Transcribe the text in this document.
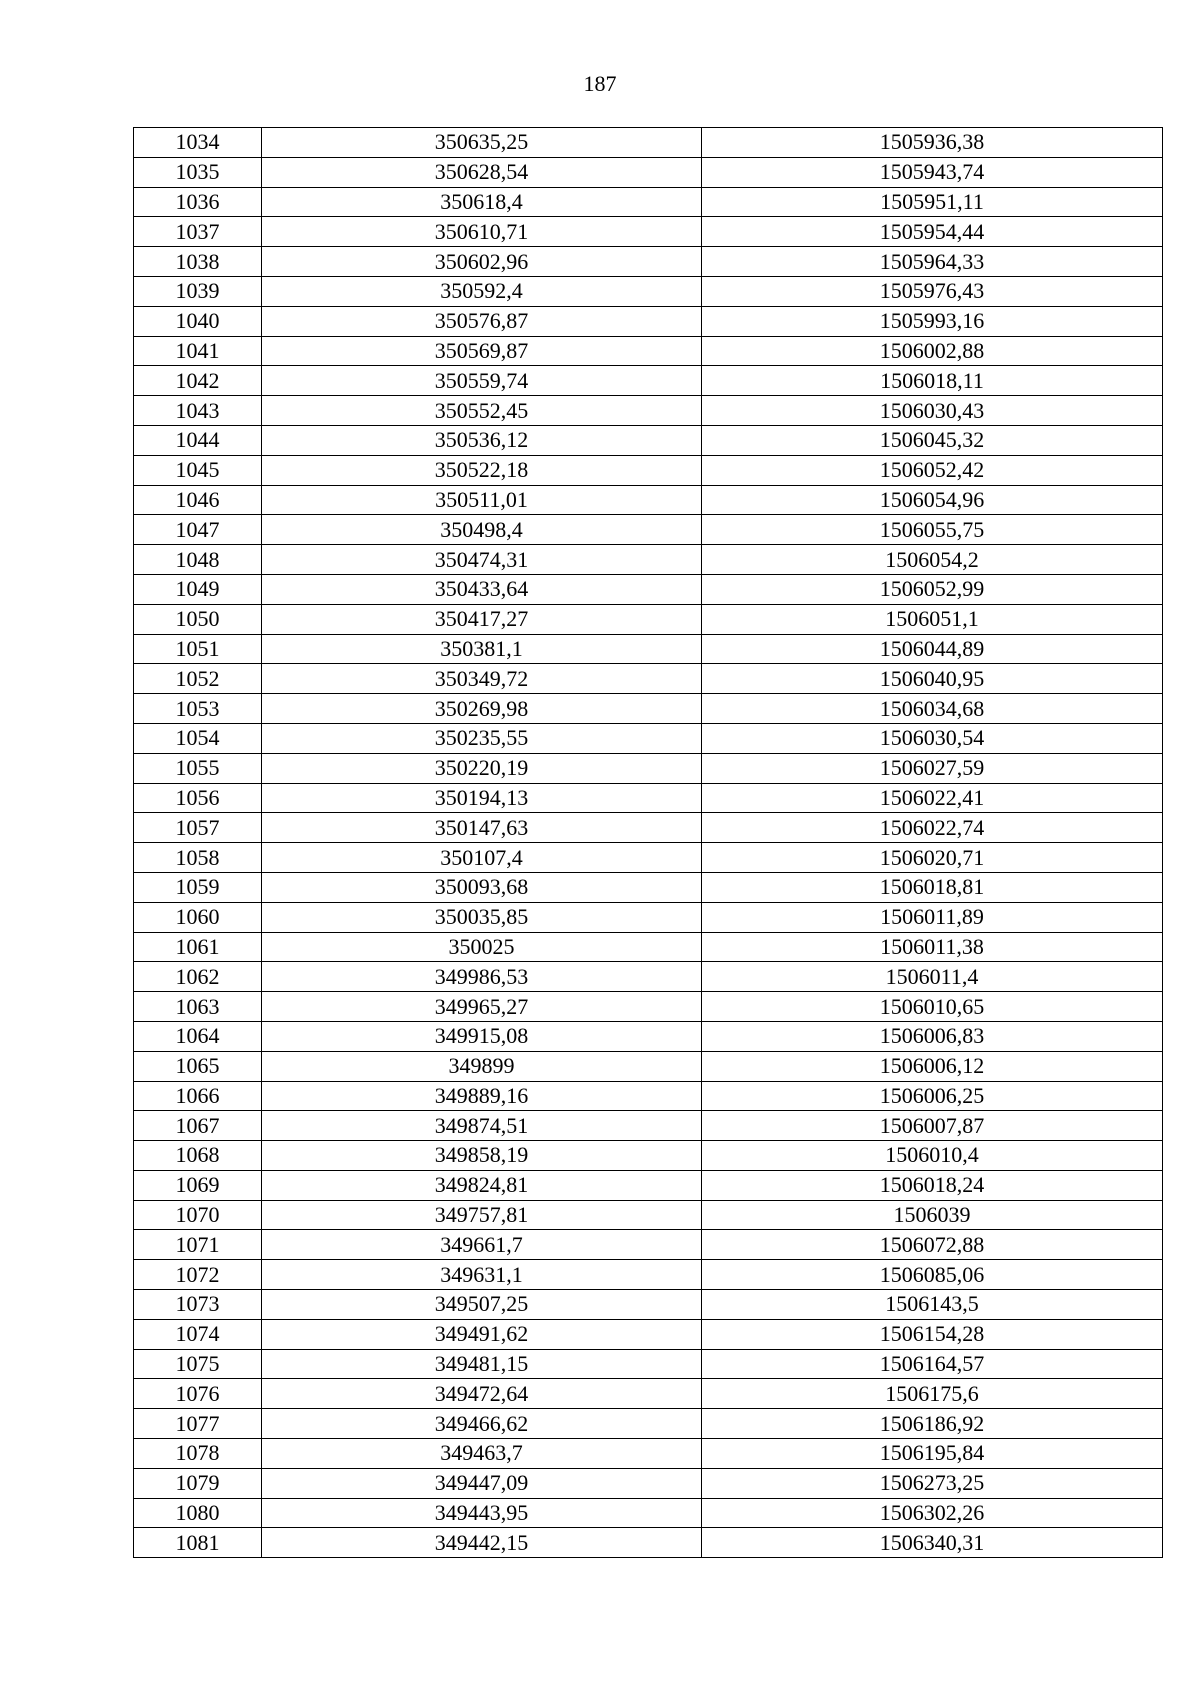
187
1034	350635,25	1505936,38
1035	350628,54	1505943,74
1036	350618,4	1505951,11
1037	350610,71	1505954,44
1038	350602,96	1505964,33
1039	350592,4	1505976,43
1040	350576,87	1505993,16
1041	350569,87	1506002,88
1042	350559,74	1506018,11
1043	350552,45	1506030,43
1044	350536,12	1506045,32
1045	350522,18	1506052,42
1046	350511,01	1506054,96
1047	350498,4	1506055,75
1048	350474,31	1506054,2
1049	350433,64	1506052,99
1050	350417,27	1506051,1
1051	350381,1	1506044,89
1052	350349,72	1506040,95
1053	350269,98	1506034,68
1054	350235,55	1506030,54
1055	350220,19	1506027,59
1056	350194,13	1506022,41
1057	350147,63	1506022,74
1058	350107,4	1506020,71
1059	350093,68	1506018,81
1060	350035,85	1506011,89
1061	350025	1506011,38
1062	349986,53	1506011,4
1063	349965,27	1506010,65
1064	349915,08	1506006,83
1065	349899	1506006,12
1066	349889,16	1506006,25
1067	349874,51	1506007,87
1068	349858,19	1506010,4
1069	349824,81	1506018,24
1070	349757,81	1506039
1071	349661,7	1506072,88
1072	349631,1	1506085,06
1073	349507,25	1506143,5
1074	349491,62	1506154,28
1075	349481,15	1506164,57
1076	349472,64	1506175,6
1077	349466,62	1506186,92
1078	349463,7	1506195,84
1079	349447,09	1506273,25
1080	349443,95	1506302,26
1081	349442,15	1506340,31
